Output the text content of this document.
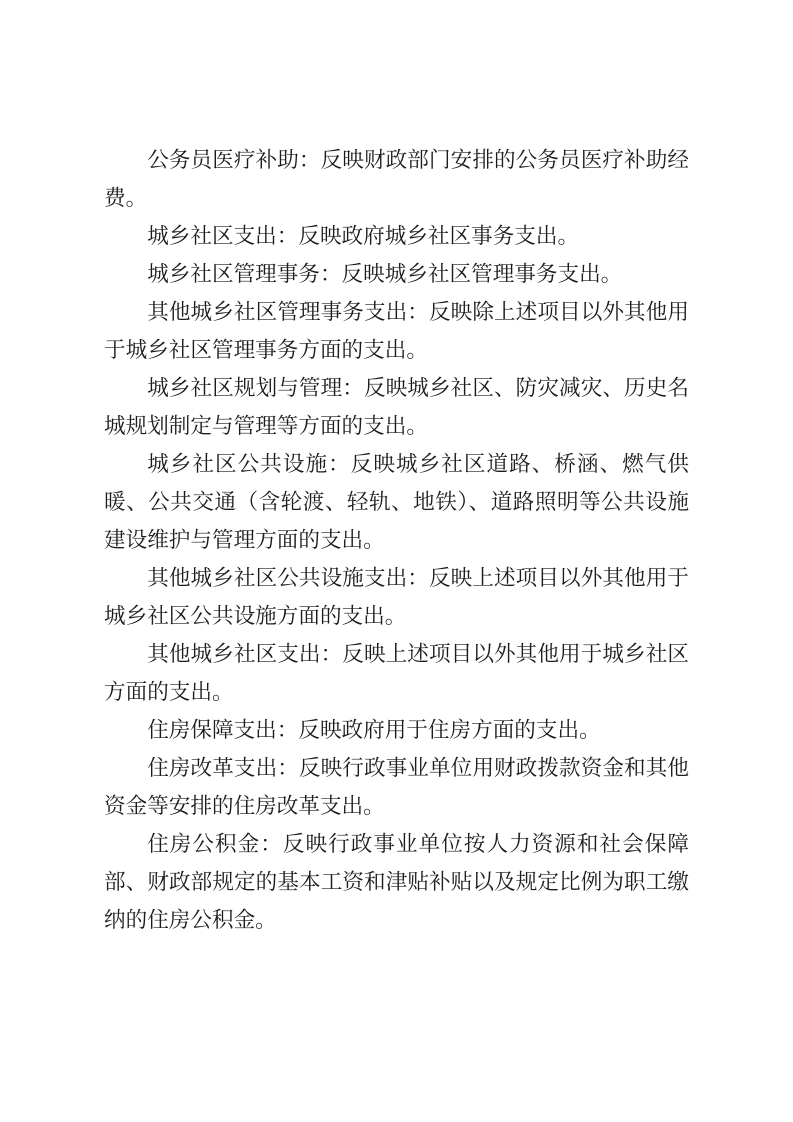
公务员医疗补助：反映财政部门安排的公务员医疗补助经费。

城乡社区支出：反映政府城乡社区事务支出。

城乡社区管理事务：反映城乡社区管理事务支出。

其他城乡社区管理事务支出：反映除上述项目以外其他用于城乡社区管理事务方面的支出。

城乡社区规划与管理：反映城乡社区、防灾减灾、历史名城规划制定与管理等方面的支出。

城乡社区公共设施：反映城乡社区道路、桥涵、燃气供暖、公共交通（含轮渡、轻轨、地铁）、道路照明等公共设施建设维护与管理方面的支出。

其他城乡社区公共设施支出：反映上述项目以外其他用于城乡社区公共设施方面的支出。

其他城乡社区支出：反映上述项目以外其他用于城乡社区方面的支出。

住房保障支出：反映政府用于住房方面的支出。

住房改革支出：反映行政事业单位用财政拨款资金和其他资金等安排的住房改革支出。

住房公积金：反映行政事业单位按人力资源和社会保障部、财政部规定的基本工资和津贴补贴以及规定比例为职工缴纳的住房公积金。
